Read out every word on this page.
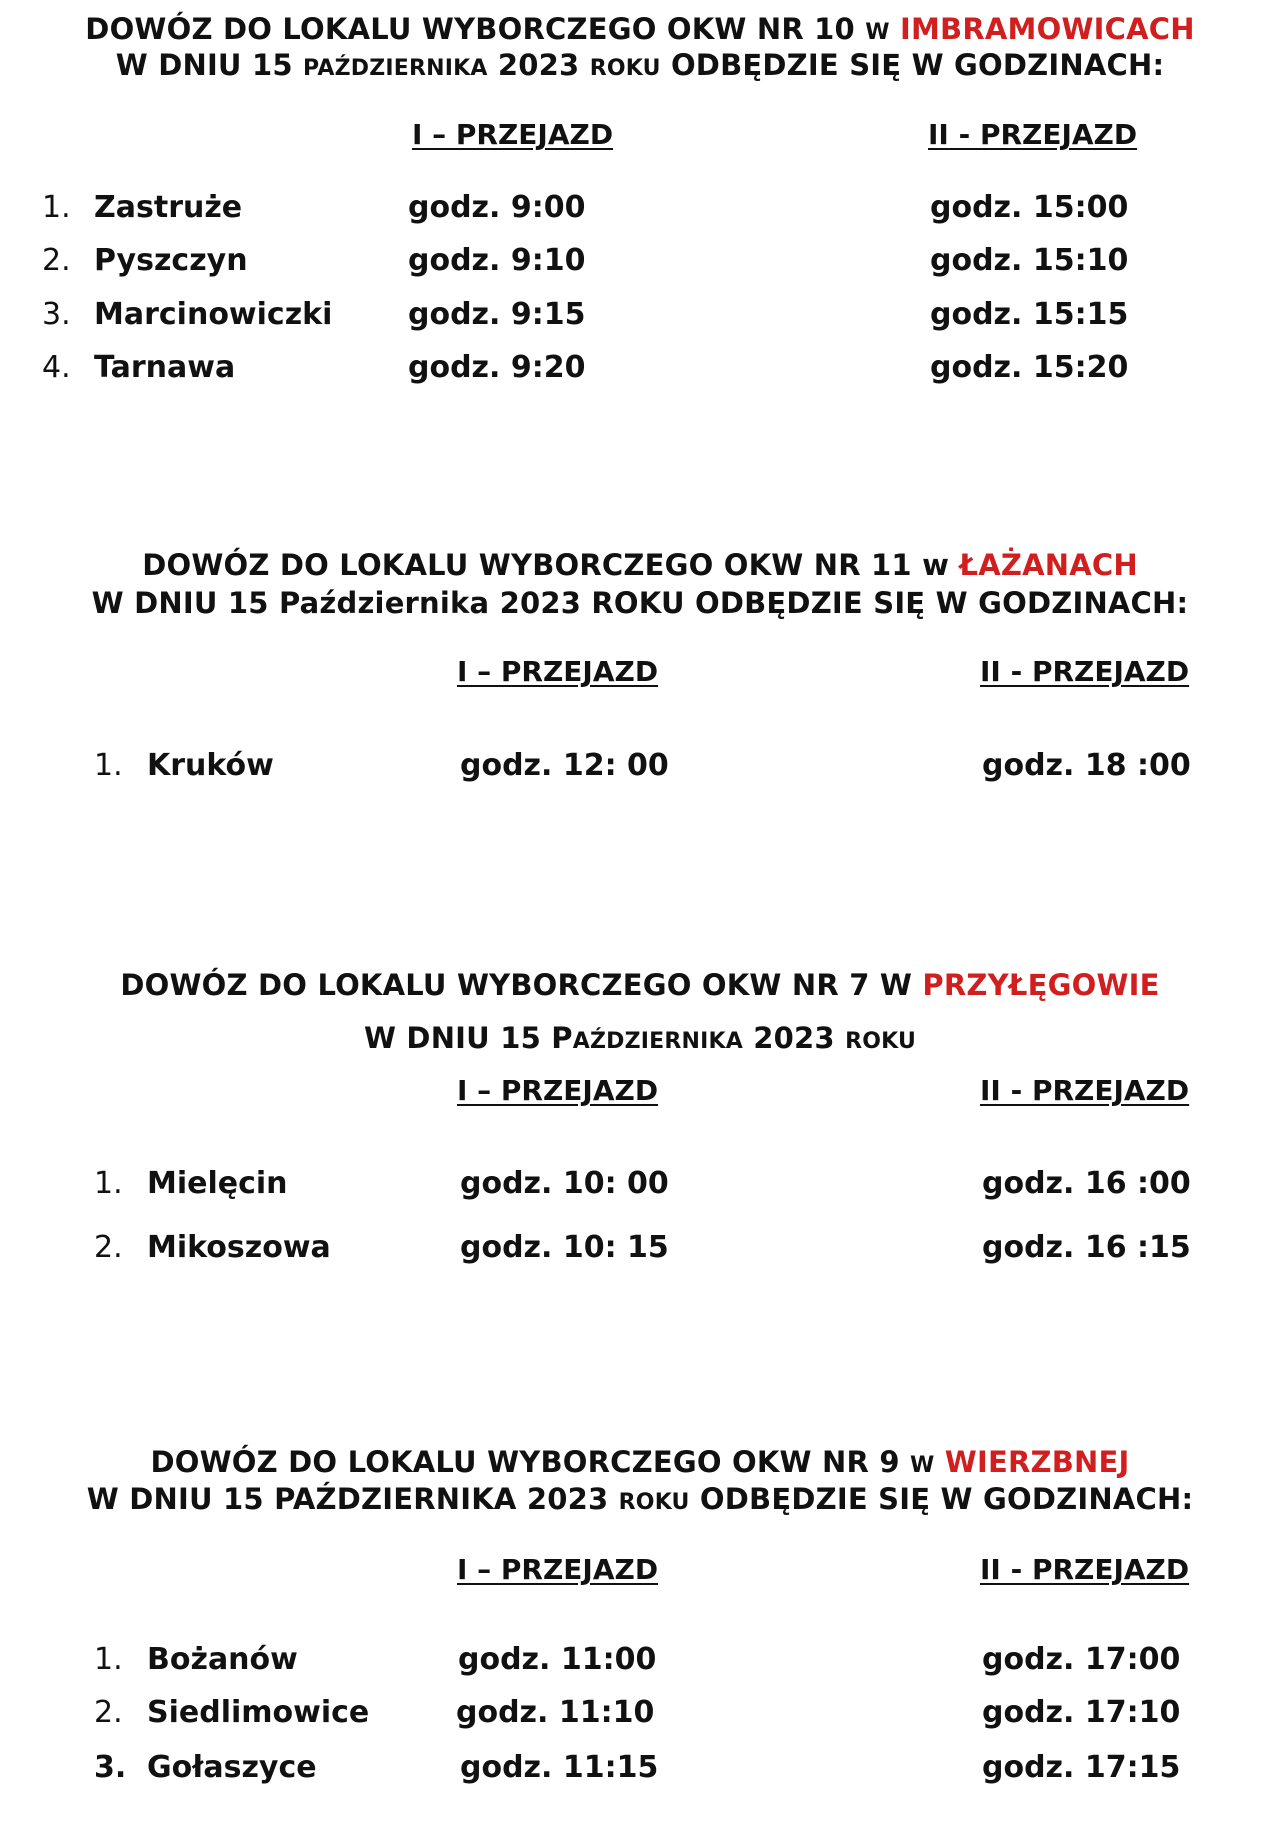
DOWÓZ DO LOKALU WYBORCZEGO OKW NR 10 W IMBRAMOWICACH
W DNIU 15 PAŹDZIERNIKA 2023 ROKU ODBĘDZIE SIĘ W GODZINACH:
I – PRZEJAZD	II - PRZEJAZD
1. Zastruże	godz. 9:00	godz. 15:00
2. Pyszczyn	godz. 9:10	godz. 15:10
3. Marcinowiczki	godz. 9:15	godz. 15:15
4. Tarnawa	godz. 9:20	godz. 15:20
DOWÓZ DO LOKALU WYBORCZEGO OKW NR 11 w ŁAŻANACH
W DNIU 15 Października 2023 ROKU ODBĘDZIE SIĘ W GODZINACH:
I – PRZEJAZD	II - PRZEJAZD
1. Kruków	godz. 12: 00	godz. 18 :00
DOWÓZ DO LOKALU WYBORCZEGO OKW NR 7 W PRZYŁĘGOWIE
W DNIU 15 PAŹDZIERNIKA 2023 ROKU
I – PRZEJAZD	II - PRZEJAZD
1. Mielęcin	godz. 10: 00	godz. 16 :00
2. Mikoszowa	godz. 10: 15	godz. 16 :15
DOWÓZ DO LOKALU WYBORCZEGO OKW NR 9 W WIERZBNEJ
W DNIU 15 PAŹDZIERNIKA 2023 ROKU ODBĘDZIE SIĘ W GODZINACH:
I – PRZEJAZD	II - PRZEJAZD
1. Bożanów	godz. 11:00	godz. 17:00
2. Siedlimowice	godz. 11:10	godz. 17:10
3. Gołaszyce	godz. 11:15	godz. 17:15
